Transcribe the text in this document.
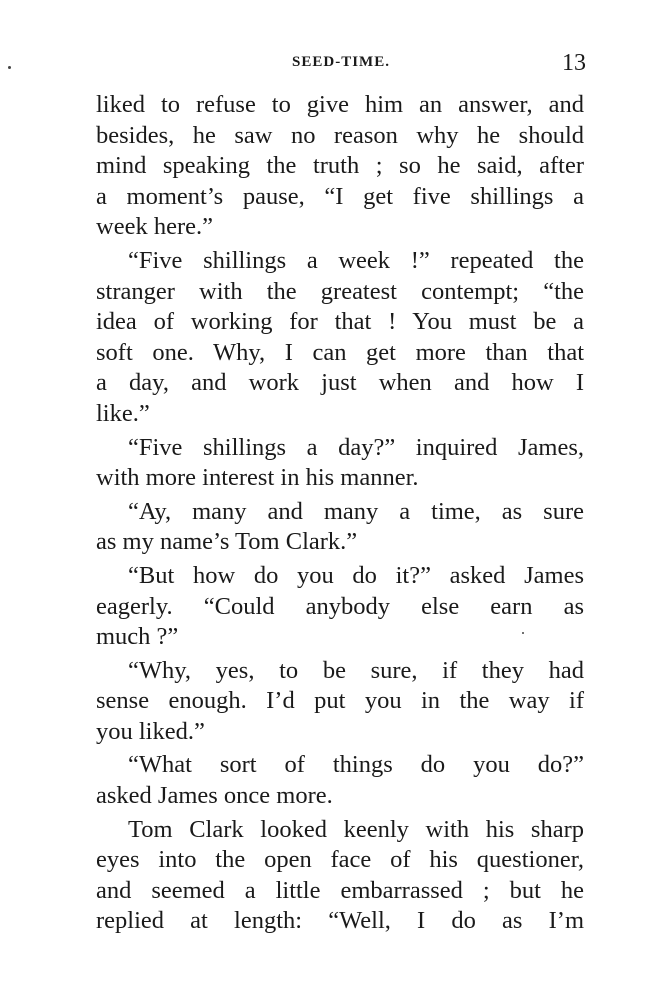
SEED-TIME.	13
liked to refuse to give him an answer, and
besides, he saw no reason why he should
mind speaking the truth ; so he said, after
a moment’s pause, “I get five shillings a
week here.”
“Five shillings a week !” repeated the
stranger with the greatest contempt; “the
idea of working for that ! You must be a
soft one. Why, I can get more than that
a day, and work just when and how I
like.”
“Five shillings a day?” inquired James,
with more interest in his manner.
“Ay, many and many a time, as sure
as my name’s Tom Clark.”
“But how do you do it?” asked James
eagerly. “Could anybody else earn as
much ?”
“Why, yes, to be sure, if they had
sense enough. I’d put you in the way if
you liked.”
“What sort of things do you do?”
asked James once more.
Tom Clark looked keenly with his sharp
eyes into the open face of his questioner,
and seemed a little embarrassed ; but he
replied at length: “Well, I do as I’m
